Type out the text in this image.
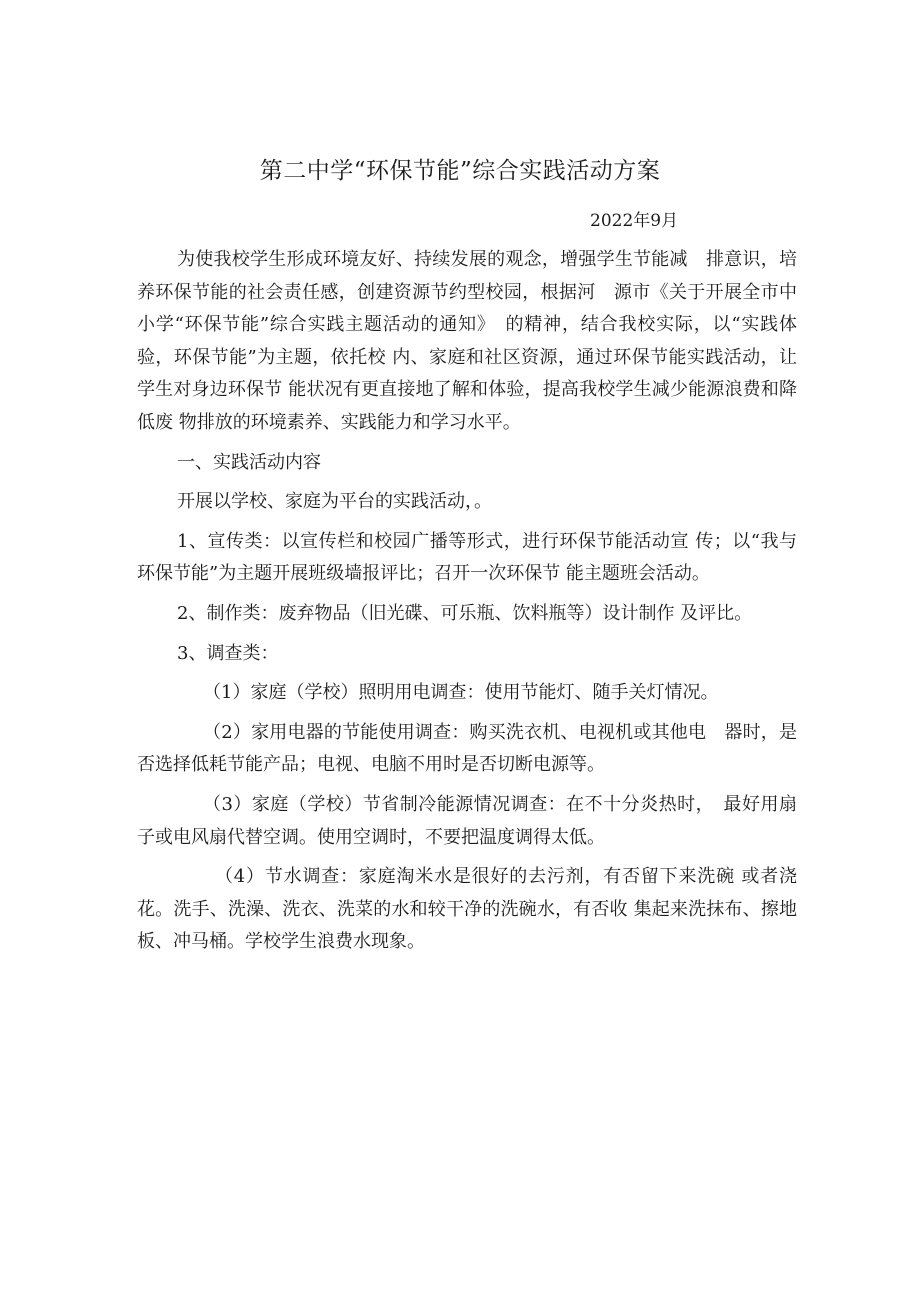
第二中学“环保节能”综合实践活动方案

2022年9月

为使我校学生形成环境友好、持续发展的观念，增强学生节能减　排意识，培养环保节能的社会责任感，创建资源节约型校园，根据河　源市《关于开展全市中小学“环保节能”综合实践主题活动的通知》　的精神，结合我校实际，以“实践体验，环保节能”为主题，依托校 内、家庭和社区资源，通过环保节能实践活动，让学生对身边环保节 能状况有更直接地了解和体验，提高我校学生减少能源浪费和降低废 物排放的环境素养、实践能力和学习水平。

一、实践活动内容

开展以学校、家庭为平台的实践活动，。

1、宣传类：以宣传栏和校园广播等形式，进行环保节能活动宣 传；以“我与环保节能”为主题开展班级墙报评比；召开一次环保节 能主题班会活动。

2、制作类：废弃物品（旧光碟、可乐瓶、饮料瓶等）设计制作 及评比。

3、调查类：

（1）家庭（学校）照明用电调查：使用节能灯、随手关灯情况。

（2）家用电器的节能使用调查：购买洗衣机、电视机或其他电　器时，是否选择低耗节能产品；电视、电脑不用时是否切断电源等。

（3）家庭（学校）节省制冷能源情况调查：在不十分炎热时，　最好用扇子或电风扇代替空调。使用空调时，不要把温度调得太低。

（4）节水调查：家庭淘米水是很好的去污剂，有否留下来洗碗 或者浇花。洗手、洗澡、洗衣、洗菜的水和较干净的洗碗水，有否收 集起来洗抹布、擦地板、冲马桶。学校学生浪费水现象。
